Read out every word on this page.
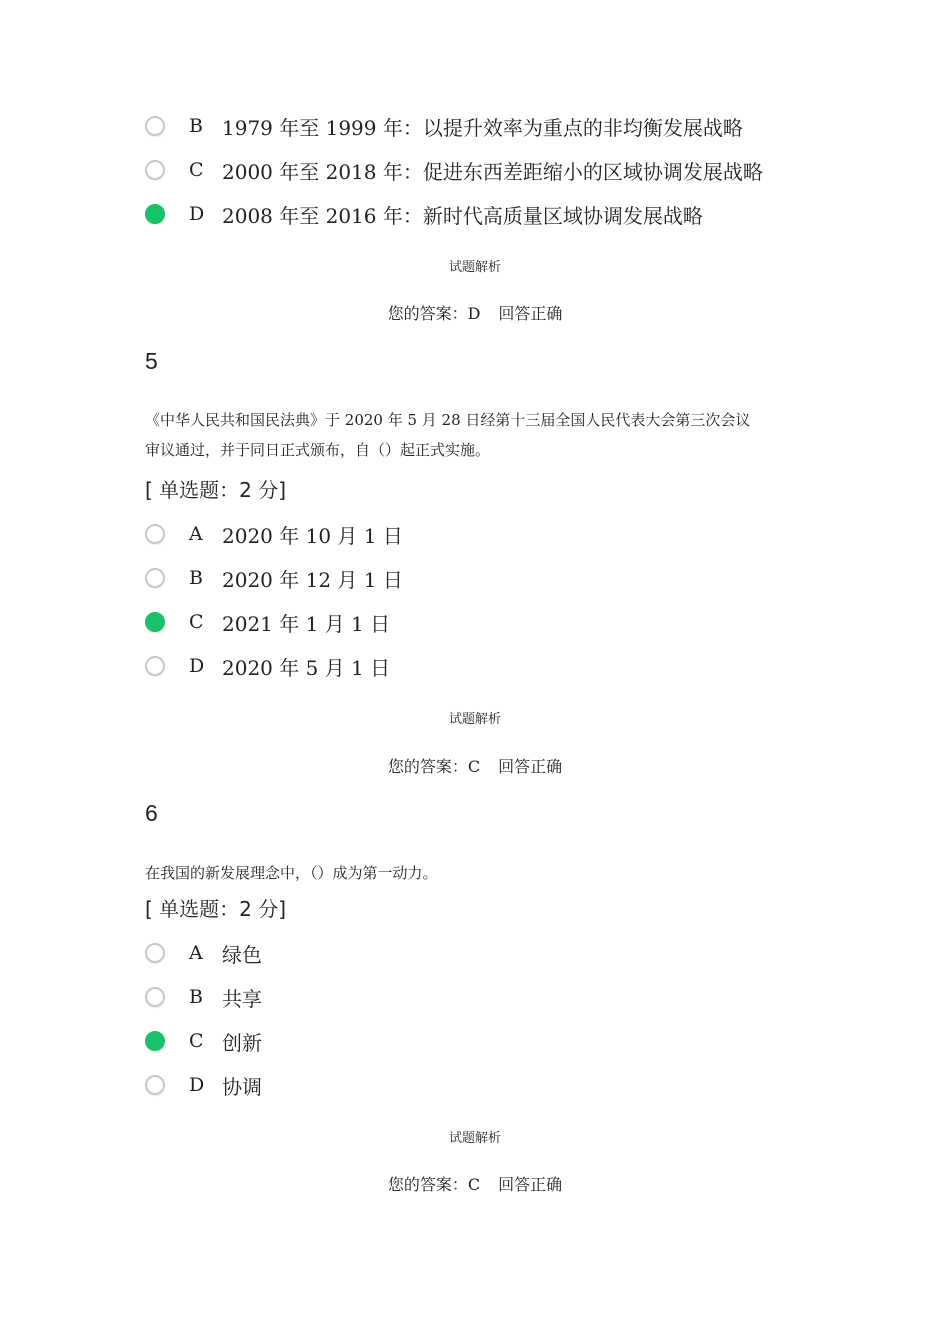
B 1979 年至 1999 年：以提升效率为重点的非均衡发展战略
C 2000 年至 2018 年：促进东西差距缩小的区域协调发展战略
D 2008 年至 2016 年：新时代高质量区域协调发展战略
试题解析
您的答案：D 回答正确
5
《中华人民共和国民法典》于 2020 年 5 月 28 日经第十三届全国人民代表大会第三次会议
审议通过，并于同日正式颁布，自（）起正式实施。
[ 单选题：2 分]
A 2020 年 10 月 1 日
B 2020 年 12 月 1 日
C 2021 年 1 月 1 日
D 2020 年 5 月 1 日
试题解析
您的答案：C 回答正确
6
在我国的新发展理念中，（）成为第一动力。
[ 单选题：2 分]
A 绿色
B 共享
C 创新
D 协调
试题解析
您的答案：C 回答正确
